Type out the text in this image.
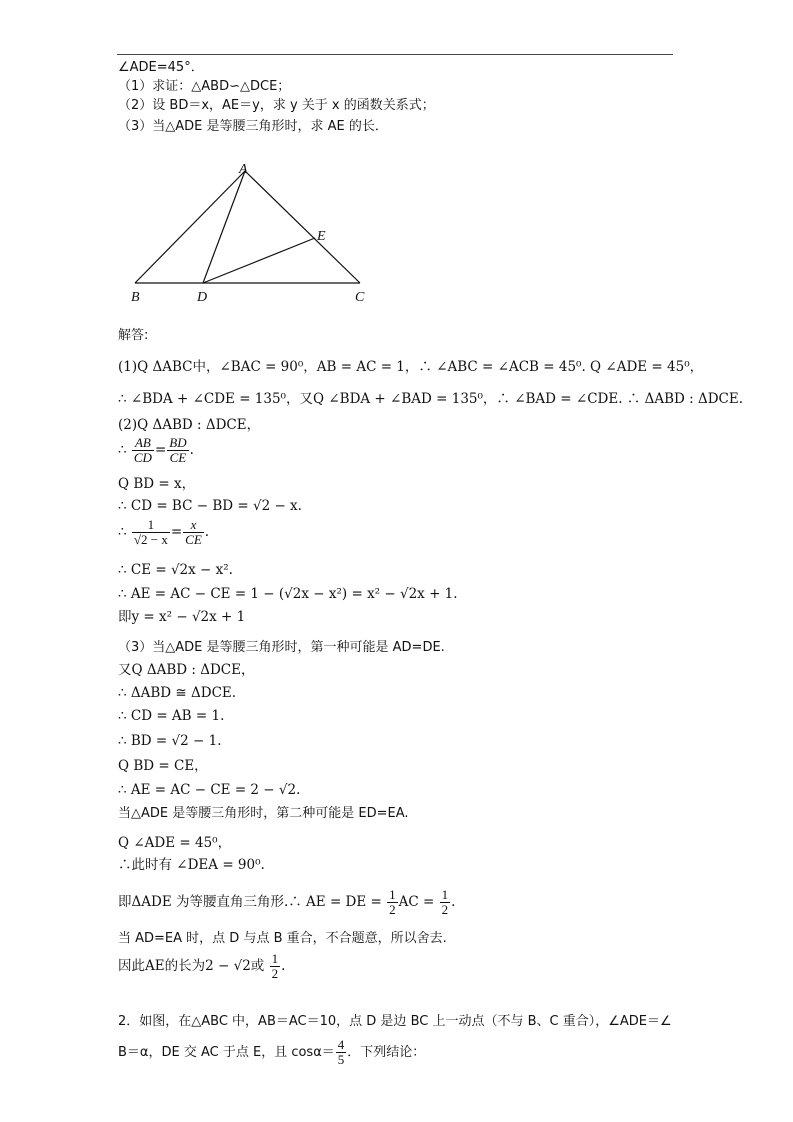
∠ADE=45°．
（1）求证：△ABD∽△DCE；
（2）设 BD＝x，AE＝y，求 y 关于 x 的函数关系式；
（3）当△ADE 是等腰三角形时，求 AE 的长．
A
B	D	C
E
解答:
(1)Q ΔABC中，∠BAC = 90⁰，AB = AC = 1，∴ ∠ABC = ∠ACB = 45⁰. Q ∠ADE = 45⁰，
∴ ∠BDA + ∠CDE = 135⁰，又Q ∠BDA + ∠BAD = 135⁰，∴ ∠BAD = ∠CDE. ∴ ΔABD : ΔDCE.
(2)Q ΔABD : ΔDCE，
∴ $\frac{AB}{CD} = \frac{BD}{CE}$ .
Q BD = x，
∴ CD = BC − BD = √2 − x.
∴ $\frac{1}{√2 - x} = \frac{x}{CE}$ .
∴ CE = √2x − x².
∴ AE = AC − CE = 1 − (√2x − x²) = x² − √2x + 1.
即y = x² − √2x + 1
（3）当△ADE 是等腰三角形时，第一种可能是 AD=DE.
又Q ΔABD : ΔDCE，
∴ ΔABD ≅ ΔDCE.
∴ CD = AB = 1.
∴ BD = √2 − 1.
Q BD = CE，
∴ AE = AC − CE = 2 − √2.
当△ADE 是等腰三角形时，第二种可能是 ED=EA.
Q ∠ADE = 45⁰，
∴此时有 ∠DEA = 90⁰.
即ΔADE 为等腰直角三角形.∴ AE = DE = $\frac{1}{2}$ AC = $\frac{1}{2}$ .
当 AD=EA 时，点 D 与点 B 重合，不合题意，所以舍去.
因此AE的长为2 − √2或 $\frac{1}{2}$ .
2．如图，在△ABC 中，AB＝AC＝10，点 D 是边 BC 上一动点（不与 B、C 重合），∠ADE＝∠
B＝α，DE 交 AC 于点 E，且 $\cos\alpha= \frac{4}{5}$ ．下列结论：
